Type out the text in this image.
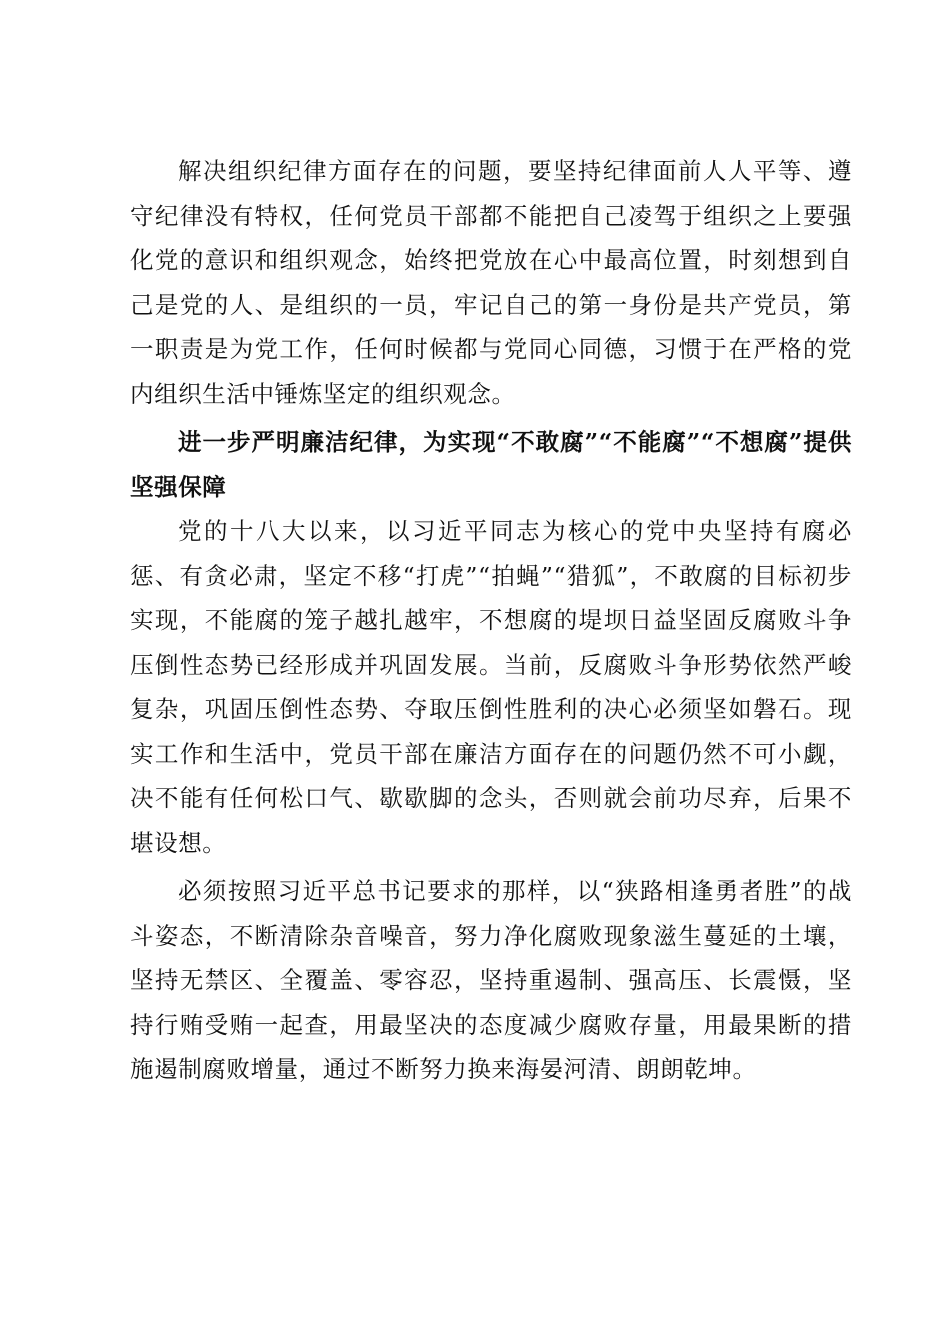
解决组织纪律方面存在的问题，要坚持纪律面前人人平等、遵守纪律没有特权，任何党员干部都不能把自己凌驾于组织之上要强化党的意识和组织观念，始终把党放在心中最高位置，时刻想到自己是党的人、是组织的一员，牢记自己的第一身份是共产党员，第一职责是为党工作，任何时候都与党同心同德，习惯于在严格的党内组织生活中锤炼坚定的组织观念。

进一步严明廉洁纪律，为实现“不敢腐”“不能腐”“不想腐”提供坚强保障

党的十八大以来，以习近平同志为核心的党中央坚持有腐必惩、有贪必肃，坚定不移“打虎”“拍蝇”“猎狐”，不敢腐的目标初步实现，不能腐的笼子越扎越牢，不想腐的堤坝日益坚固反腐败斗争压倒性态势已经形成并巩固发展。当前，反腐败斗争形势依然严峻复杂，巩固压倒性态势、夺取压倒性胜利的决心必须坚如磐石。现实工作和生活中，党员干部在廉洁方面存在的问题仍然不可小觑，决不能有任何松口气、歇歇脚的念头，否则就会前功尽弃，后果不堪设想。

必须按照习近平总书记要求的那样，以“狭路相逢勇者胜”的战斗姿态，不断清除杂音噪音，努力净化腐败现象滋生蔓延的土壤，坚持无禁区、全覆盖、零容忍，坚持重遏制、强高压、长震慑，坚持行贿受贿一起查，用最坚决的态度减少腐败存量，用最果断的措施遏制腐败增量，通过不断努力换来海晏河清、朗朗乾坤。
